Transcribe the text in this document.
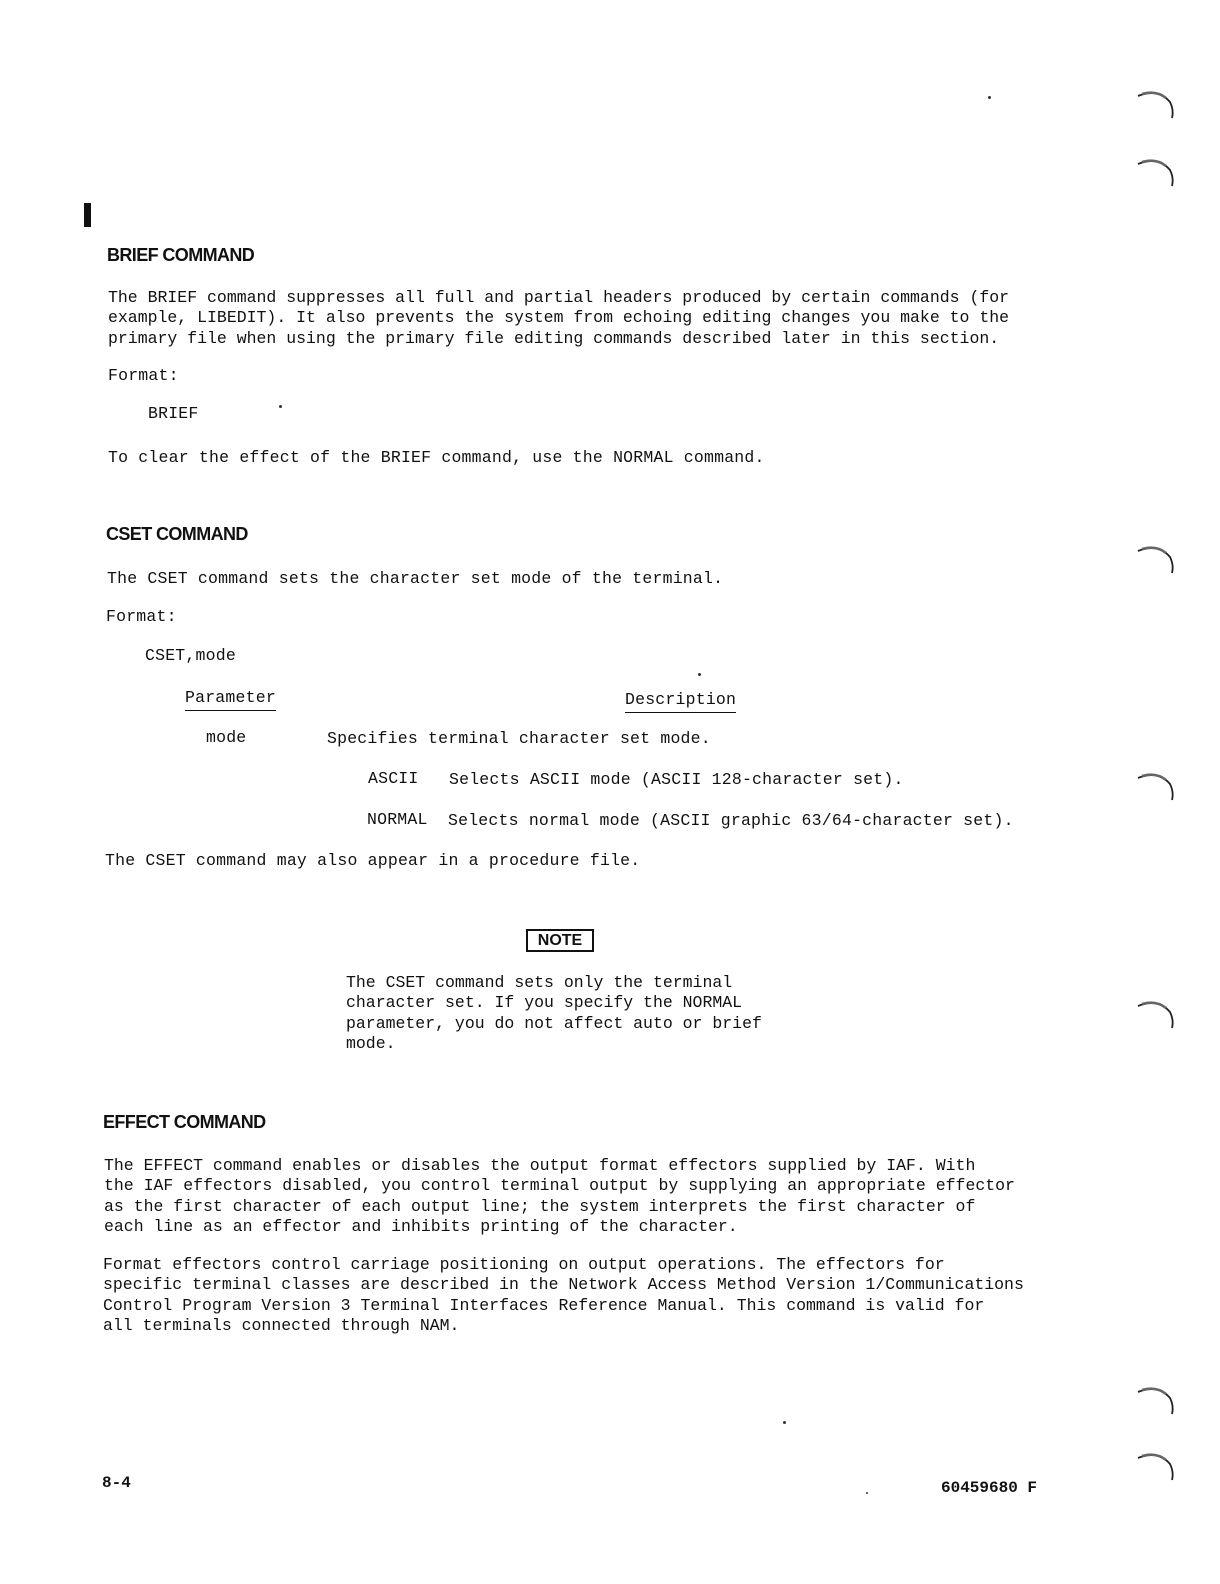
BRIEF COMMAND
The BRIEF command suppresses all full and partial headers produced by certain commands (for
example, LIBEDIT). It also prevents the system from echoing editing changes you make to the
primary file when using the primary file editing commands described later in this section.
Format:
BRIEF
To clear the effect of the BRIEF command, use the NORMAL command.
CSET COMMAND
The CSET command sets the character set mode of the terminal.
Format:
CSET,mode
Parameter	Description
mode	Specifies terminal character set mode.
ASCII Selects ASCII mode (ASCII 128-character set).
NORMAL Selects normal mode (ASCII graphic 63/64-character set).
The CSET command may also appear in a procedure file.
NOTE
The CSET command sets only the terminal
character set. If you specify the NORMAL
parameter, you do not affect auto or brief
mode.
EFFECT COMMAND
The EFFECT command enables or disables the output format effectors supplied by IAF. With
the IAF effectors disabled, you control terminal output by supplying an appropriate effector
as the first character of each output line; the system interprets the first character of
each line as an effector and inhibits printing of the character.
Format effectors control carriage positioning on output operations. The effectors for
specific terminal classes are described in the Network Access Method Version 1/Communications
Control Program Version 3 Terminal Interfaces Reference Manual. This command is valid for
all terminals connected through NAM.
8-4	60459680 F
